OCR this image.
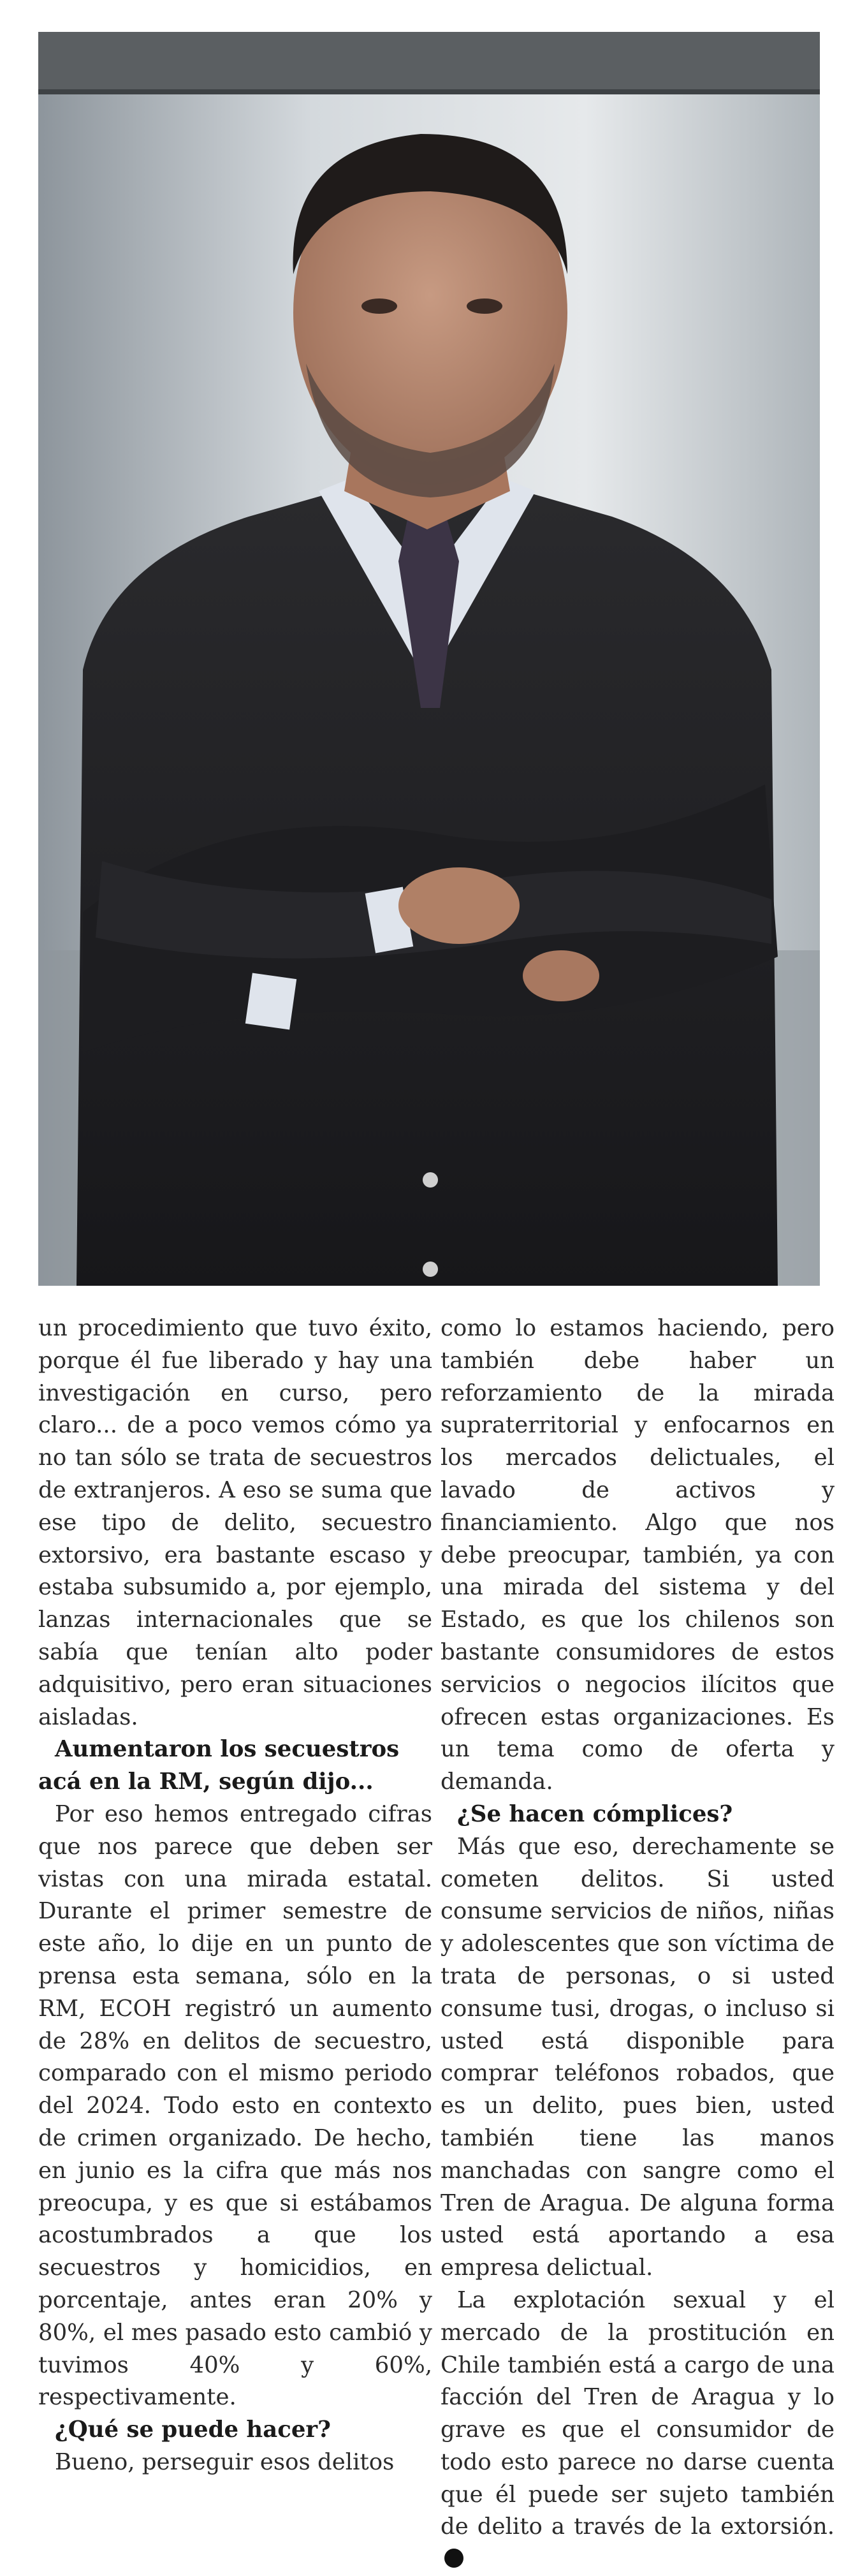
un procedimiento que tuvo éxito, porque él fue liberado y hay una investigación en curso, pero claro... de a poco vemos cómo ya no tan sólo se trata de secuestros de extranjeros. A eso se suma que ese tipo de delito, secuestro extorsivo, era bastante escaso y estaba subsumido a, por ejemplo, lanzas internacionales que se sabía que tenían alto poder adquisitivo, pero eran situaciones aisladas.

Aumentaron los secuestros acá en la RM, según dijo...

Por eso hemos entregado cifras que nos parece que deben ser vistas con una mirada estatal. Durante el primer semestre de este año, lo dije en un punto de prensa esta semana, sólo en la RM, ECOH registró un aumento de 28% en delitos de secuestro, comparado con el mismo periodo del 2024. Todo esto en contexto de crimen organizado. De hecho, en junio es la cifra que más nos preocupa, y es que si estábamos acostumbrados a que los secuestros y homicidios, en porcentaje, antes eran 20% y 80%, el mes pasado esto cambió y tuvimos 40% y 60%, respectivamente.

¿Qué se puede hacer?

Bueno, perseguir esos delitos

como lo estamos haciendo, pero también debe haber un reforzamiento de la mirada supraterritorial y enfocarnos en los mercados delictuales, el lavado de activos y financiamiento. Algo que nos debe preocupar, también, ya con una mirada del sistema y del Estado, es que los chilenos son bastante consumidores de estos servicios o negocios ilícitos que ofrecen estas organizaciones. Es un tema como de oferta y demanda.

¿Se hacen cómplices?

Más que eso, derechamente se cometen delitos. Si usted consume servicios de niños, niñas y adolescentes que son víctima de trata de personas, o si usted consume tusi, drogas, o incluso si usted está disponible para comprar teléfonos robados, que es un delito, pues bien, usted también tiene las manos manchadas con sangre como el Tren de Aragua. De alguna forma usted está aportando a esa empresa delictual.

La explotación sexual y el mercado de la prostitución en Chile también está a cargo de una facción del Tren de Aragua y lo grave es que el consumidor de todo esto parece no darse cuenta que él puede ser sujeto también de delito a través de la extorsión.
